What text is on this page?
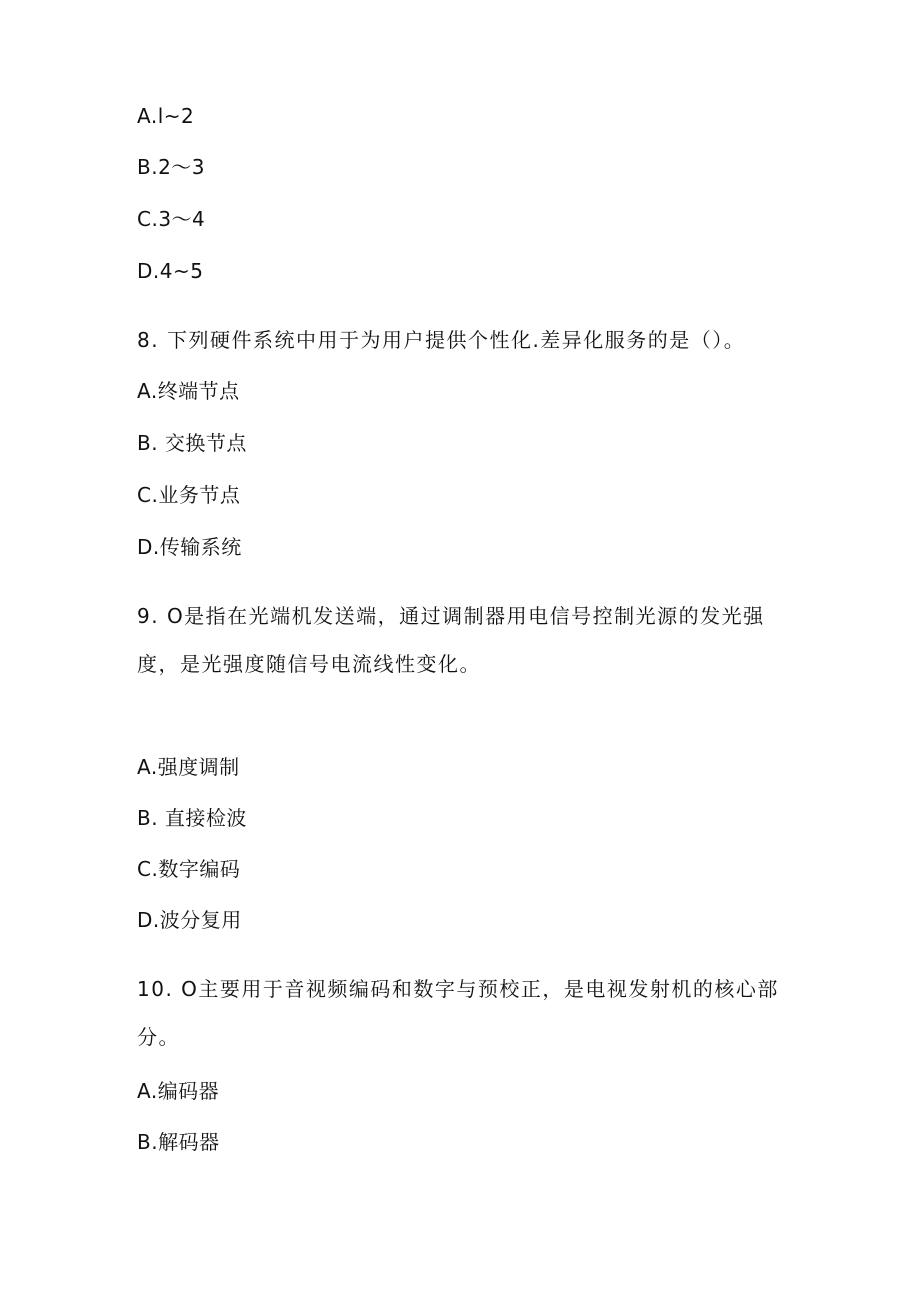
A.l~2
B.2～3
C.3～4
D.4~5
8. 下列硬件系统中用于为用户提供个性化.差异化服务的是（）。
A.终端节点
B. 交换节点
C.业务节点
D.传输系统
9. O是指在光端机发送端，通过调制器用电信号控制光源的发光强
度，是光强度随信号电流线性变化。
A.强度调制
B. 直接检波
C.数字编码
D.波分复用
10. O主要用于音视频编码和数字与预校正，是电视发射机的核心部
分。
A.编码器
B.解码器
